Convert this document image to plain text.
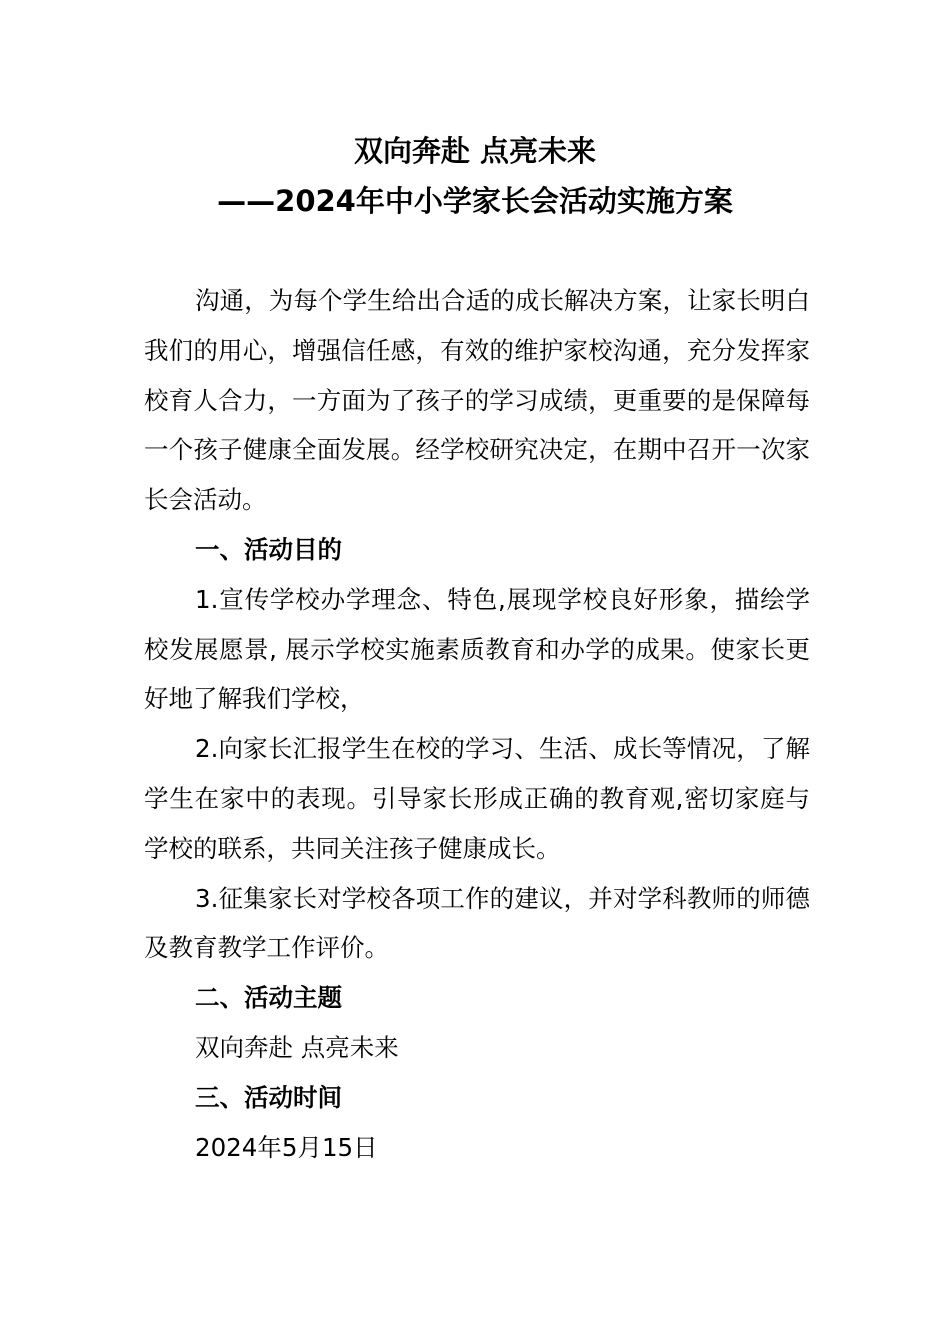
双向奔赴 点亮未来
——2024年中小学家长会活动实施方案

沟通，为每个学生给出合适的成长解决方案，让家长明白我们的用心，增强信任感，有效的维护家校沟通，充分发挥家校育人合力，一方面为了孩子的学习成绩，更重要的是保障每一个孩子健康全面发展。经学校研究决定，在期中召开一次家长会活动。

一、活动目的

1.宣传学校办学理念、特色,展现学校良好形象，描绘学校发展愿景, 展示学校实施素质教育和办学的成果。使家长更好地了解我们学校，

2.向家长汇报学生在校的学习、生活、成长等情况，了解学生在家中的表现。引导家长形成正确的教育观,密切家庭与学校的联系，共同关注孩子健康成长。

3.征集家长对学校各项工作的建议，并对学科教师的师德及教育教学工作评价。

二、活动主题

双向奔赴 点亮未来

三、活动时间

2024年5月15日
